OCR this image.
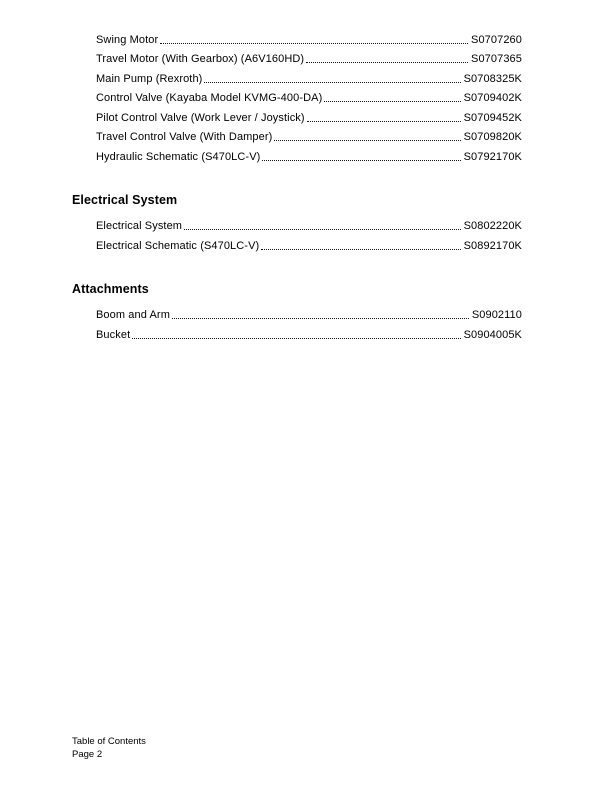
Swing Motor	S0707260
Travel Motor (With Gearbox) (A6V160HD)	S0707365
Main Pump (Rexroth)	S0708325K
Control Valve (Kayaba Model KVMG-400-DA)	S0709402K
Pilot Control Valve (Work Lever / Joystick)	S0709452K
Travel Control Valve (With Damper)	S0709820K
Hydraulic Schematic (S470LC-V)	S0792170K
Electrical System
Electrical System	S0802220K
Electrical Schematic (S470LC-V)	S0892170K
Attachments
Boom and Arm	S0902110
Bucket	S0904005K
Table of Contents
Page 2
